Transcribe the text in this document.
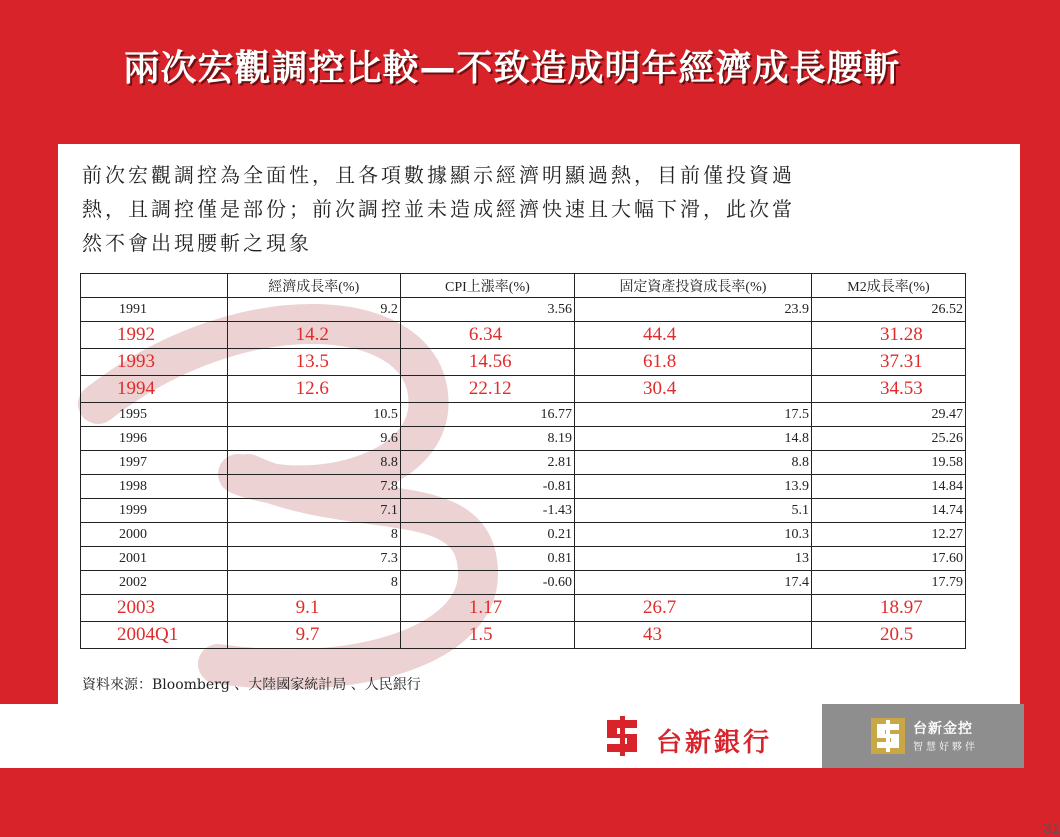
兩次宏觀調控比較—不致造成明年經濟成長腰斬

前次宏觀調控為全面性，且各項數據顯示經濟明顯過熱，目前僅投資過

熱，且調控僅是部份；前次調控並未造成經濟快速且大幅下滑，此次當

然不會出現腰斬之現象

	經濟成長率(%)	CPI上漲率(%)	固定資產投資成長率(%)	M2成長率(%)
1991	9.2	3.56	23.9	26.52
1992	14.2	6.34	44.4	31.28
1993	13.5	14.56	61.8	37.31
1994	12.6	22.12	30.4	34.53
1995	10.5	16.77	17.5	29.47
1996	9.6	8.19	14.8	25.26
1997	8.8	2.81	8.8	19.58
1998	7.8	-0.81	13.9	14.84
1999	7.1	-1.43	5.1	14.74
2000	8	0.21	10.3	12.27
2001	7.3	0.81	13	17.60
2002	8	-0.60	17.4	17.79
2003	9.1	1.17	26.7	18.97
2004Q1	9.7	1.5	43	20.5
資料來源：Bloomberg 、大陸國家統計局 、人民銀行
31
台新銀行	台新金控
智慧好夥伴
